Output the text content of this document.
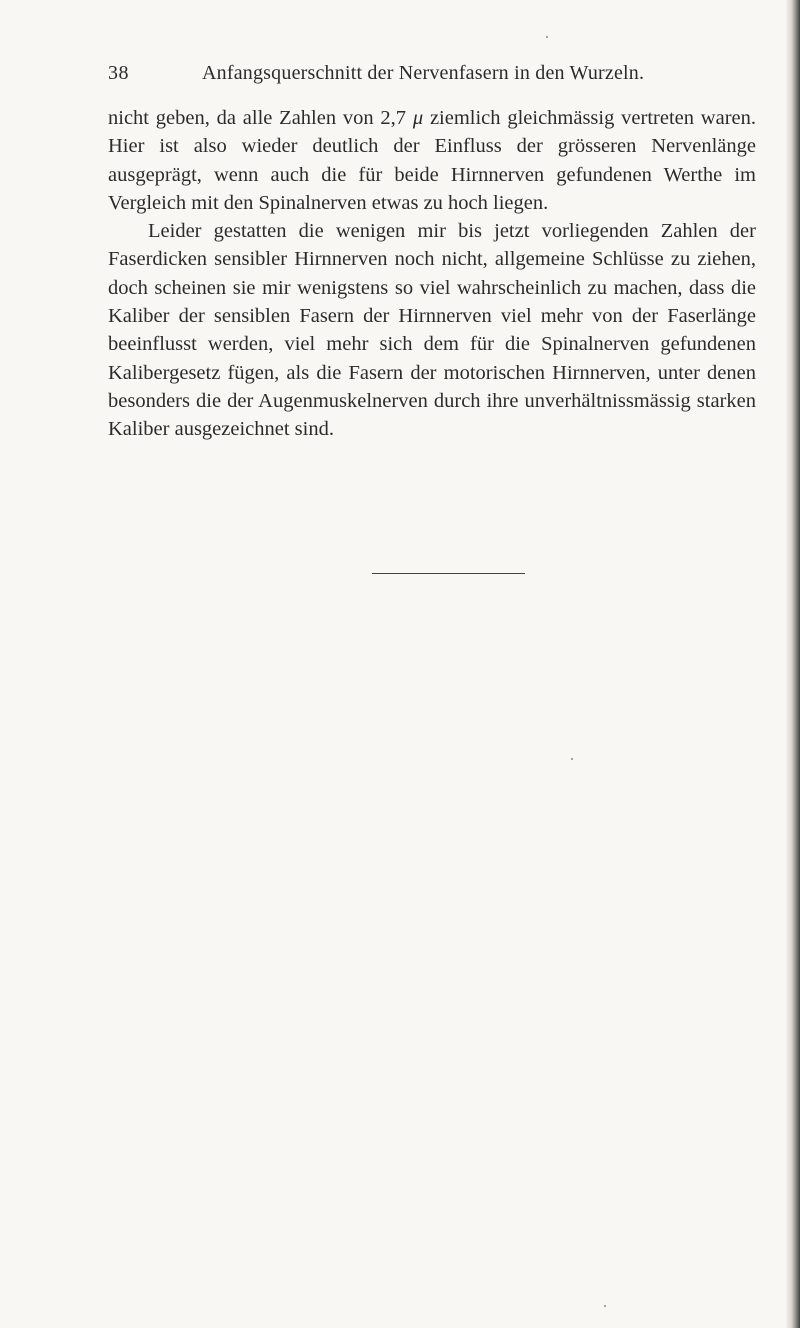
38	Anfangsquerschnitt der Nervenfasern in den Wurzeln.

nicht geben, da alle Zahlen von 2,7 μ ziemlich gleichmässig vertreten waren. Hier ist also wieder deutlich der Einfluss der grösseren Nervenlänge ausgeprägt, wenn auch die für beide Hirnnerven gefundenen Werthe im Vergleich mit den Spinalnerven etwas zu hoch liegen.

Leider gestatten die wenigen mir bis jetzt vorliegenden Zahlen der Faserdicken sensibler Hirnnerven noch nicht, allgemeine Schlüsse zu ziehen, doch scheinen sie mir wenigstens so viel wahrscheinlich zu machen, dass die Kaliber der sensiblen Fasern der Hirnnerven viel mehr von der Faserlänge beeinflusst werden, viel mehr sich dem für die Spinalnerven gefundenen Kalibergesetz fügen, als die Fasern der motorischen Hirnnerven, unter denen besonders die der Augenmuskelnerven durch ihre unverhältnissmässig starken Kaliber ausgezeichnet sind.
